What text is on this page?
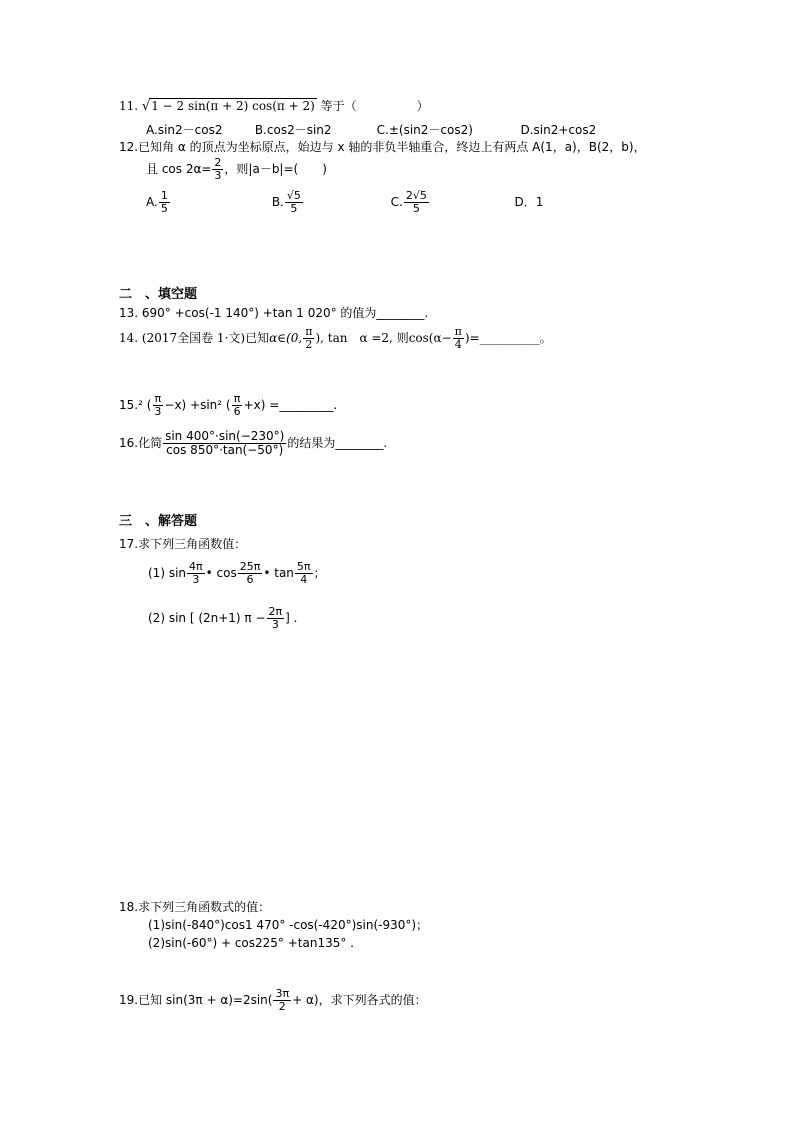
11. √1 − 2 sin(π + 2) cos(π + 2) 等于（　　　　　）
A.sin2－cos2	B.cos2－sin2	C.±(sin2－cos2)	D.sin2+cos2
12.已知角 α 的顶点为坐标原点，始边与 x 轴的非负半轴重合，终边上有两点 A(1，a)，B(2，b)，
且 $\cos 2\alpha= \frac{2}{3}$ ，则|a－b|=(　　)
A. $\frac{1}{5}$	B. $\frac{√5}{5}$	C. $\frac{2√5}{5}$	D．1
二　、填空题
13. 690° +cos(-1 140°) +tan 1 020° 的值为________.
14. (2017全国卷 1·文)已知α∈(0, $\frac{\pi}{2}$ ), tan　α =2, 则$\cos(\alpha- \frac{\pi}{4}$ )=__________。
15.² ( $\frac{\pi}{3} -x) +\sin^2$ ( $\frac{\pi}{6} +x$) =_________.
16.化简 $\frac{\sin 400^\circ\cdot\sin(-230^\circ)}{\cos 850^\circ\cdot\tan(-50^\circ)}$ 的结果为________.
三　、解答题
17.求下列三角函数值：
(1) $\sin \frac{4\pi}{3}$ • $\cos \frac{25\pi}{6}$ • $\tan \frac{5\pi}{4}$ ；
(2) sin [ (2n+1) $\pi - \frac{2\pi}{3}$ ] .
18.求下列三角函数式的值：
(1)sin(-840°)cos1 470° -cos(-420°)sin(-930°)；
(2)sin(-60°) + cos225° +tan135° .
19.已知 $\sin(3\pi + \alpha)=2\sin( \frac{3\pi}{2} + \alpha)$，求下列各式的值：
